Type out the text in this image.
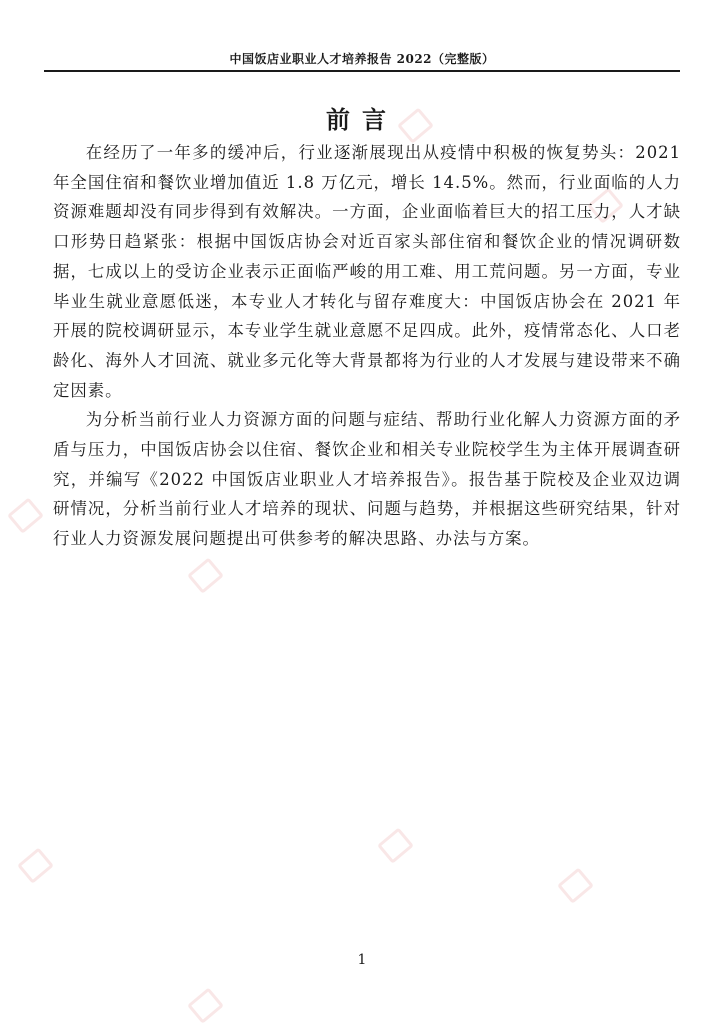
中国饭店业职业人才培养报告 2022（完整版）
前言

在经历了一年多的缓冲后，行业逐渐展现出从疫情中积极的恢复势头：2021 年全国住宿和餐饮业增加值近 1.8 万亿元，增长 14.5%。然而，行业面临的人力资源难题却没有同步得到有效解决。一方面，企业面临着巨大的招工压力，人才缺口形势日趋紧张：根据中国饭店协会对近百家头部住宿和餐饮企业的情况调研数据，七成以上的受访企业表示正面临严峻的用工难、用工荒问题。另一方面，专业毕业生就业意愿低迷，本专业人才转化与留存难度大：中国饭店协会在 2021 年开展的院校调研显示，本专业学生就业意愿不足四成。此外，疫情常态化、人口老龄化、海外人才回流、就业多元化等大背景都将为行业的人才发展与建设带来不确定因素。

为分析当前行业人力资源方面的问题与症结、帮助行业化解人力资源方面的矛盾与压力，中国饭店协会以住宿、餐饮企业和相关专业院校学生为主体开展调查研究，并编写《2022 中国饭店业职业人才培养报告》。报告基于院校及企业双边调研情况，分析当前行业人才培养的现状、问题与趋势，并根据这些研究结果，针对行业人力资源发展问题提出可供参考的解决思路、办法与方案。

1
